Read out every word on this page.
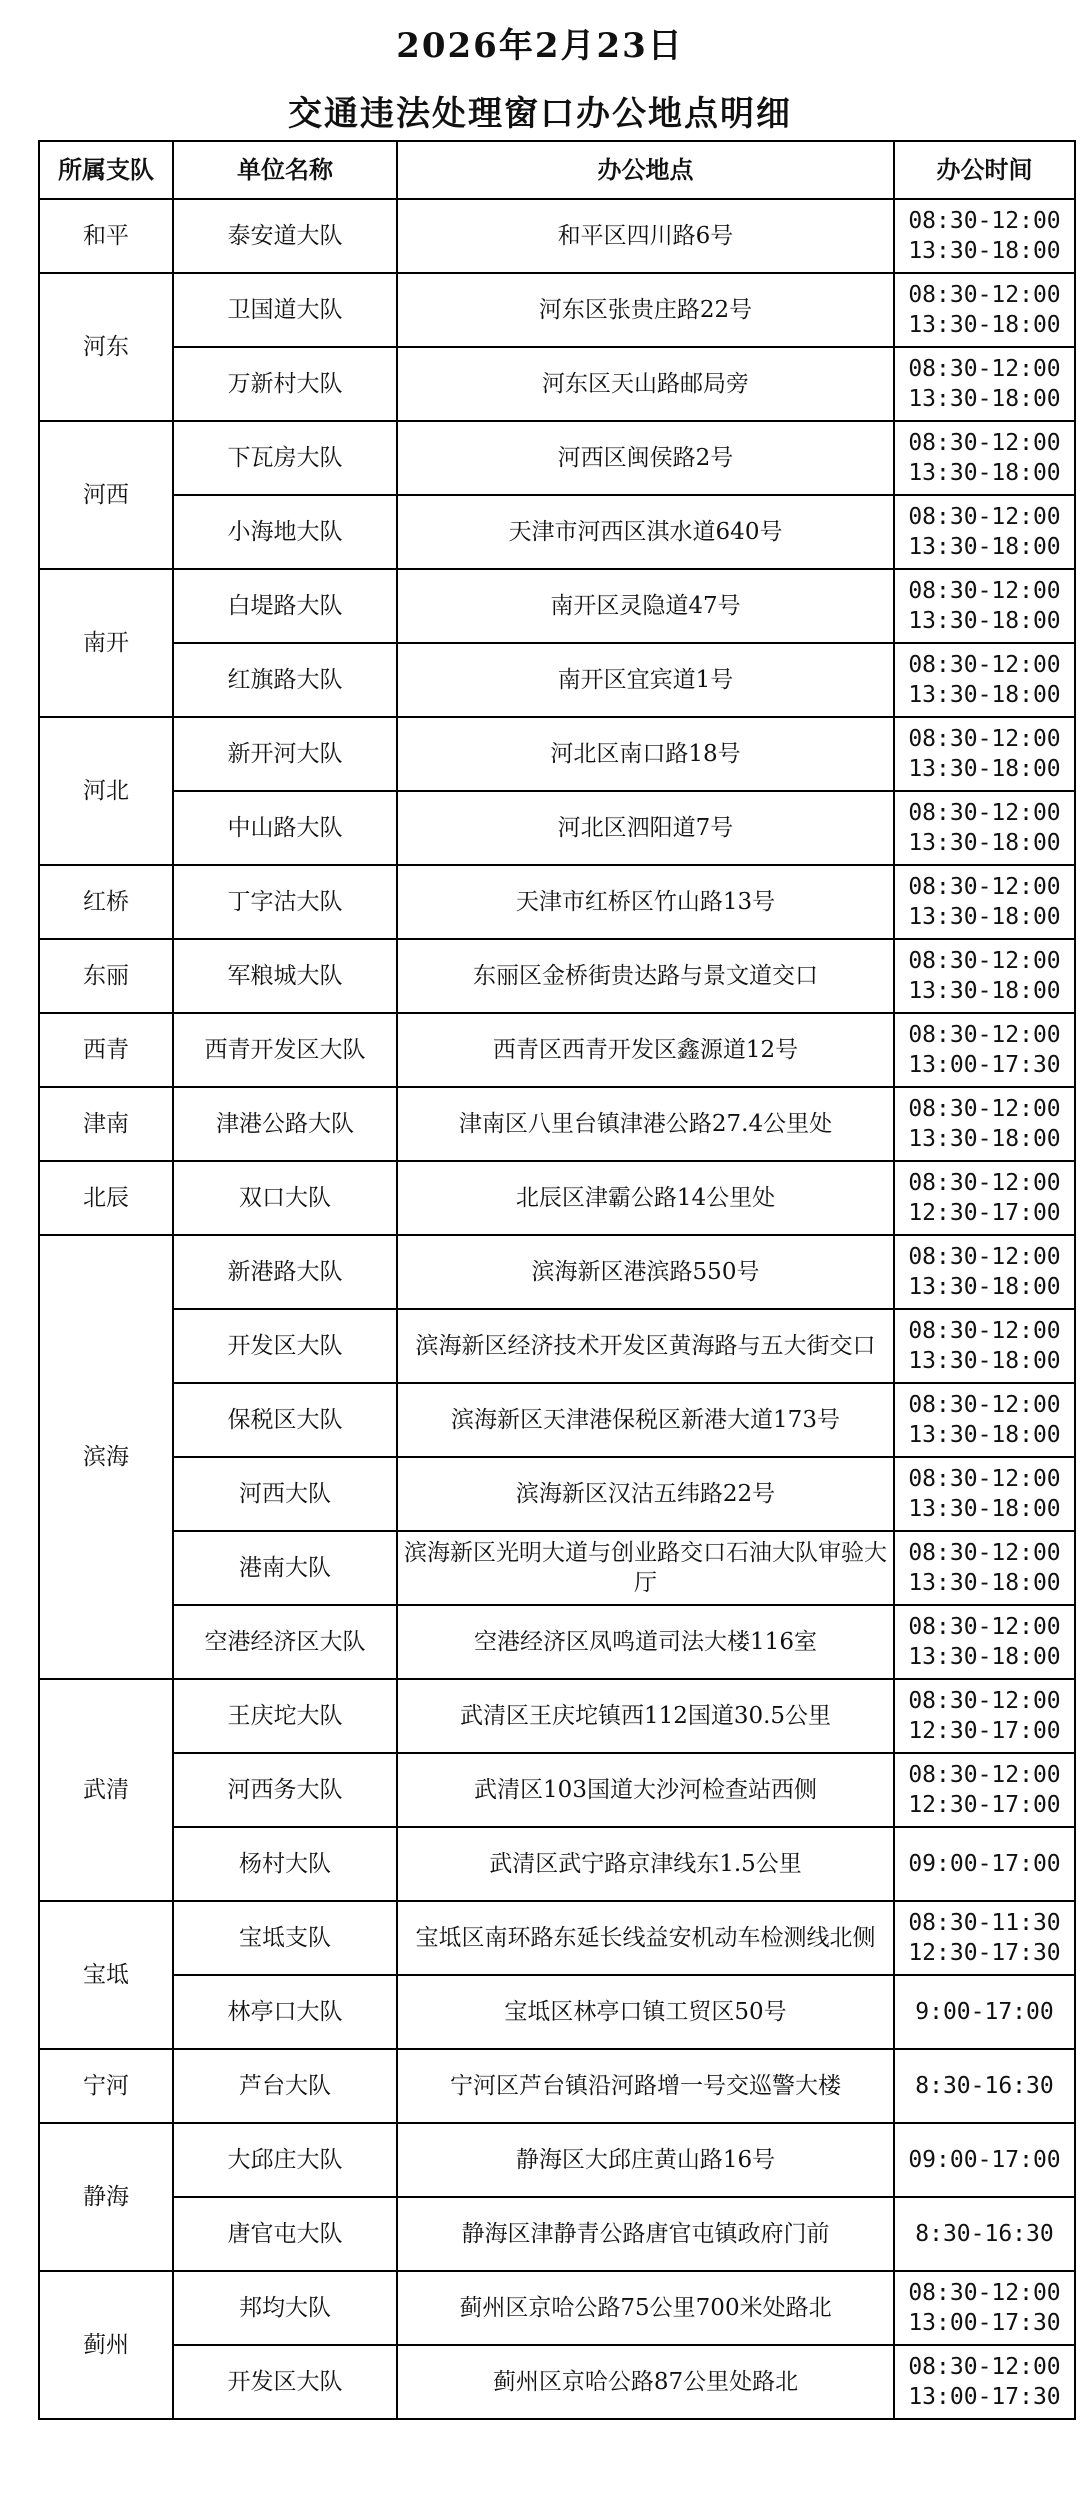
2026年2月23日
交通违法处理窗口办公地点明细
所属支队	单位名称	办公地点	办公时间
和平	泰安道大队	和平区四川路6号	08:30-12:00
13:30-18:00

河东	卫国道大队	河东区张贵庄路22号	08:30-12:00
13:30-18:00

	万新村大队	河东区天山路邮局旁	08:30-12:00
13:30-18:00

河西	下瓦房大队	河西区闽侯路2号	08:30-12:00
13:30-18:00

	小海地大队	天津市河西区淇水道640号	08:30-12:00
13:30-18:00

南开	白堤路大队	南开区灵隐道47号	08:30-12:00
13:30-18:00

	红旗路大队	南开区宜宾道1号	08:30-12:00
13:30-18:00

河北	新开河大队	河北区南口路18号	08:30-12:00
13:30-18:00

	中山路大队	河北区泗阳道7号	08:30-12:00
13:30-18:00

红桥	丁字沽大队	天津市红桥区竹山路13号	08:30-12:00
13:30-18:00

东丽	军粮城大队	东丽区金桥街贵达路与景文道交口	08:30-12:00
13:30-18:00

西青	西青开发区大队	西青区西青开发区鑫源道12号	08:30-12:00
13:00-17:30

津南	津港公路大队	津南区八里台镇津港公路27.4公里处	08:30-12:00
13:30-18:00

北辰	双口大队	北辰区津霸公路14公里处	08:30-12:00
12:30-17:00

滨海	新港路大队	滨海新区港滨路550号	08:30-12:00
13:30-18:00

	开发区大队	滨海新区经济技术开发区黄海路与五大街交口	08:30-12:00
13:30-18:00

	保税区大队	滨海新区天津港保税区新港大道173号	08:30-12:00
13:30-18:00

	河西大队	滨海新区汉沽五纬路22号	08:30-12:00
13:30-18:00

	港南大队	滨海新区光明大道与创业路交口石油大队审验大厅	08:30-12:00
13:30-18:00

	空港经济区大队	空港经济区凤鸣道司法大楼116室	08:30-12:00
13:30-18:00

武清	王庆坨大队	武清区王庆坨镇西112国道30.5公里	08:30-12:00
12:30-17:00

	河西务大队	武清区103国道大沙河检查站西侧	08:30-12:00
12:30-17:00

	杨村大队	武清区武宁路京津线东1.5公里	09:00-17:00

宝坻	宝坻支队	宝坻区南环路东延长线益安机动车检测线北侧	08:30-11:30
12:30-17:30

	林亭口大队	宝坻区林亭口镇工贸区50号	9:00-17:00

宁河	芦台大队	宁河区芦台镇沿河路增一号交巡警大楼	8:30-16:30

静海	大邱庄大队	静海区大邱庄黄山路16号	09:00-17:00

	唐官屯大队	静海区津静青公路唐官屯镇政府门前	8:30-16:30

蓟州	邦均大队	蓟州区京哈公路75公里700米处路北	08:30-12:00
13:00-17:30

	开发区大队	蓟州区京哈公路87公里处路北	08:30-12:00
13:00-17:30
